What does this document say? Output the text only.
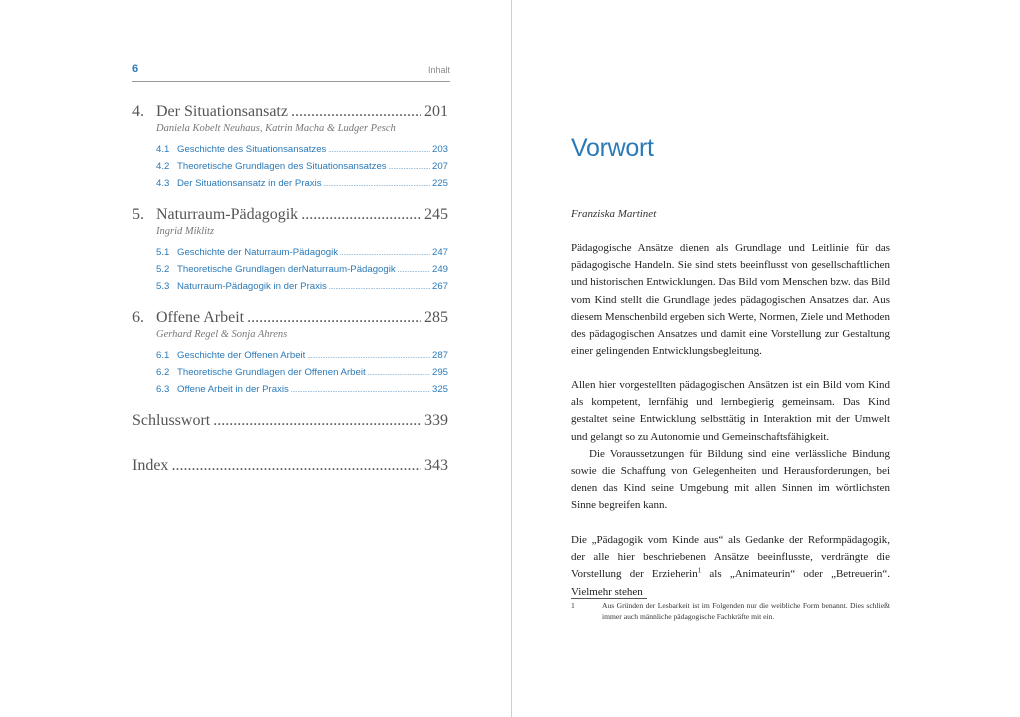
6	Inhalt
4. Der Situationsansatz .....	201
Daniela Kobelt Neuhaus, Katrin Macha & Ludger Pesch
4.1 Geschichte des Situationsansatzes .....	203
4.2 Theoretische Grundlagen des Situationsansatzes .....	207
4.3 Der Situationsansatz in der Praxis .....	225
5. Naturraum-Pädagogik .....	245
Ingrid Miklitz
5.1 Geschichte der Naturraum-Pädagogik .....	247
5.2 Theoretische Grundlagen derNaturraum-Pädagogik .....	249
5.3 Naturraum-Pädagogik in der Praxis .....	267
6. Offene Arbeit .....	285
Gerhard Regel & Sonja Ahrens
6.1 Geschichte der Offenen Arbeit .....	287
6.2 Theoretische Grundlagen der Offenen Arbeit .....	295
6.3 Offene Arbeit in der Praxis .....	325
Schlusswort .....	339
Index .....	343
Vorwort
Franziska Martinet

Pädagogische Ansätze dienen als Grundlage und Leitlinie für das pädagogische Handeln. Sie sind stets beeinflusst von gesellschaftlichen und historischen Entwicklungen. Das Bild vom Menschen bzw. das Bild vom Kind stellt die Grundlage jedes pädagogischen Ansatzes dar. Aus diesem Menschenbild ergeben sich Werte, Normen, Ziele und Methoden des pädagogischen Ansatzes und damit eine Vorstellung zur Gestaltung einer gelingenden Entwicklungsbegleitung.

Allen hier vorgestellten pädagogischen Ansätzen ist ein Bild vom Kind als kompetent, lernfähig und lernbegierig gemeinsam. Das Kind gestaltet seine Entwicklung selbsttätig in Interaktion mit der Umwelt und gelangt so zu Autonomie und Gemeinschaftsfähigkeit.

Die Voraussetzungen für Bildung sind eine verlässliche Bindung sowie die Schaffung von Gelegenheiten und Herausforderungen, bei denen das Kind seine Umgebung mit allen Sinnen im wörtlichsten Sinne begreifen kann.

Die „Pädagogik vom Kinde aus“ als Gedanke der Reformpädagogik, der alle hier beschriebenen Ansätze beeinflusste, verdrängte die Vorstellung der Erzieherin$^1$ als „Animateurin“ oder „Betreuerin“. Vielmehr stehen

1	Aus Gründen der Lesbarkeit ist im Folgenden nur die weibliche Form benannt. Dies schließt immer auch männliche pädagogische Fachkräfte mit ein.
